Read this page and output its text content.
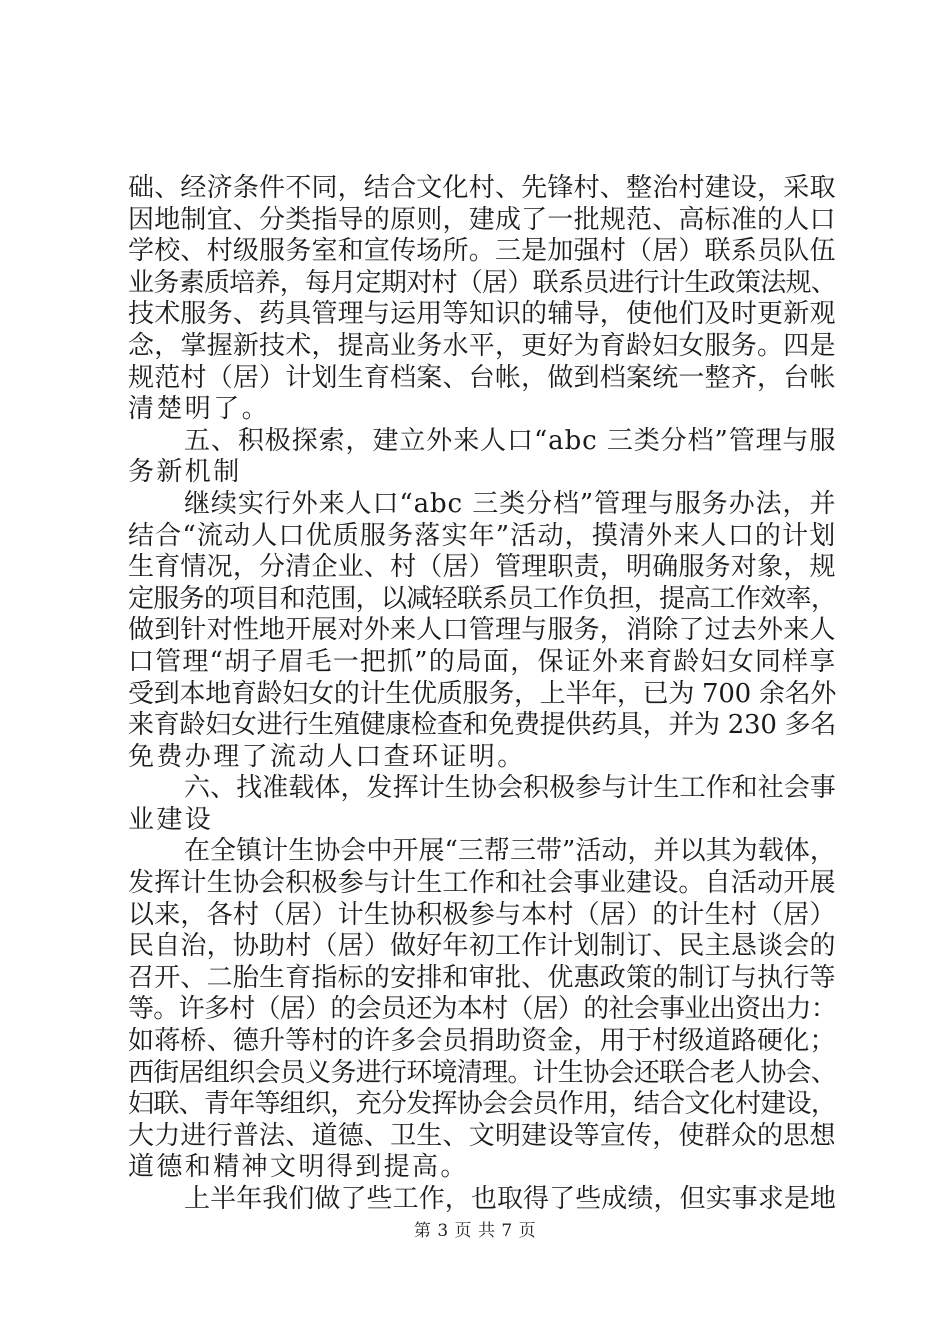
础、经济条件不同，结合文化村、先锋村、整治村建设，采取
因地制宜、分类指导的原则，建成了一批规范、高标准的人口
学校、村级服务室和宣传场所。三是加强村（居）联系员队伍
业务素质培养，每月定期对村（居）联系员进行计生政策法规、
技术服务、药具管理与运用等知识的辅导，使他们及时更新观
念，掌握新技术，提高业务水平，更好为育龄妇女服务。四是
规范村（居）计划生育档案、台帐，做到档案统一整齐，台帐
清楚明了。
五、积极探索，建立外来人口“abc 三类分档”管理与服
务新机制
继续实行外来人口“abc 三类分档”管理与服务办法，并
结合“流动人口优质服务落实年”活动，摸清外来人口的计划
生育情况，分清企业、村（居）管理职责，明确服务对象，规
定服务的项目和范围，以减轻联系员工作负担，提高工作效率，
做到针对性地开展对外来人口管理与服务，消除了过去外来人
口管理“胡子眉毛一把抓”的局面，保证外来育龄妇女同样享
受到本地育龄妇女的计生优质服务，上半年，已为 700 余名外
来育龄妇女进行生殖健康检查和免费提供药具，并为 230 多名
免费办理了流动人口查环证明。
六、找准载体，发挥计生协会积极参与计生工作和社会事
业建设
在全镇计生协会中开展“三帮三带”活动，并以其为载体，
发挥计生协会积极参与计生工作和社会事业建设。自活动开展
以来，各村（居）计生协积极参与本村（居）的计生村（居）
民自治，协助村（居）做好年初工作计划制订、民主恳谈会的
召开、二胎生育指标的安排和审批、优惠政策的制订与执行等
等。许多村（居）的会员还为本村（居）的社会事业出资出力：
如蒋桥、德升等村的许多会员捐助资金，用于村级道路硬化；
西街居组织会员义务进行环境清理。计生协会还联合老人协会、
妇联、青年等组织，充分发挥协会会员作用，结合文化村建设，
大力进行普法、道德、卫生、文明建设等宣传，使群众的思想
道德和精神文明得到提高。
上半年我们做了些工作，也取得了些成绩，但实事求是地
第 3 页 共 7 页
